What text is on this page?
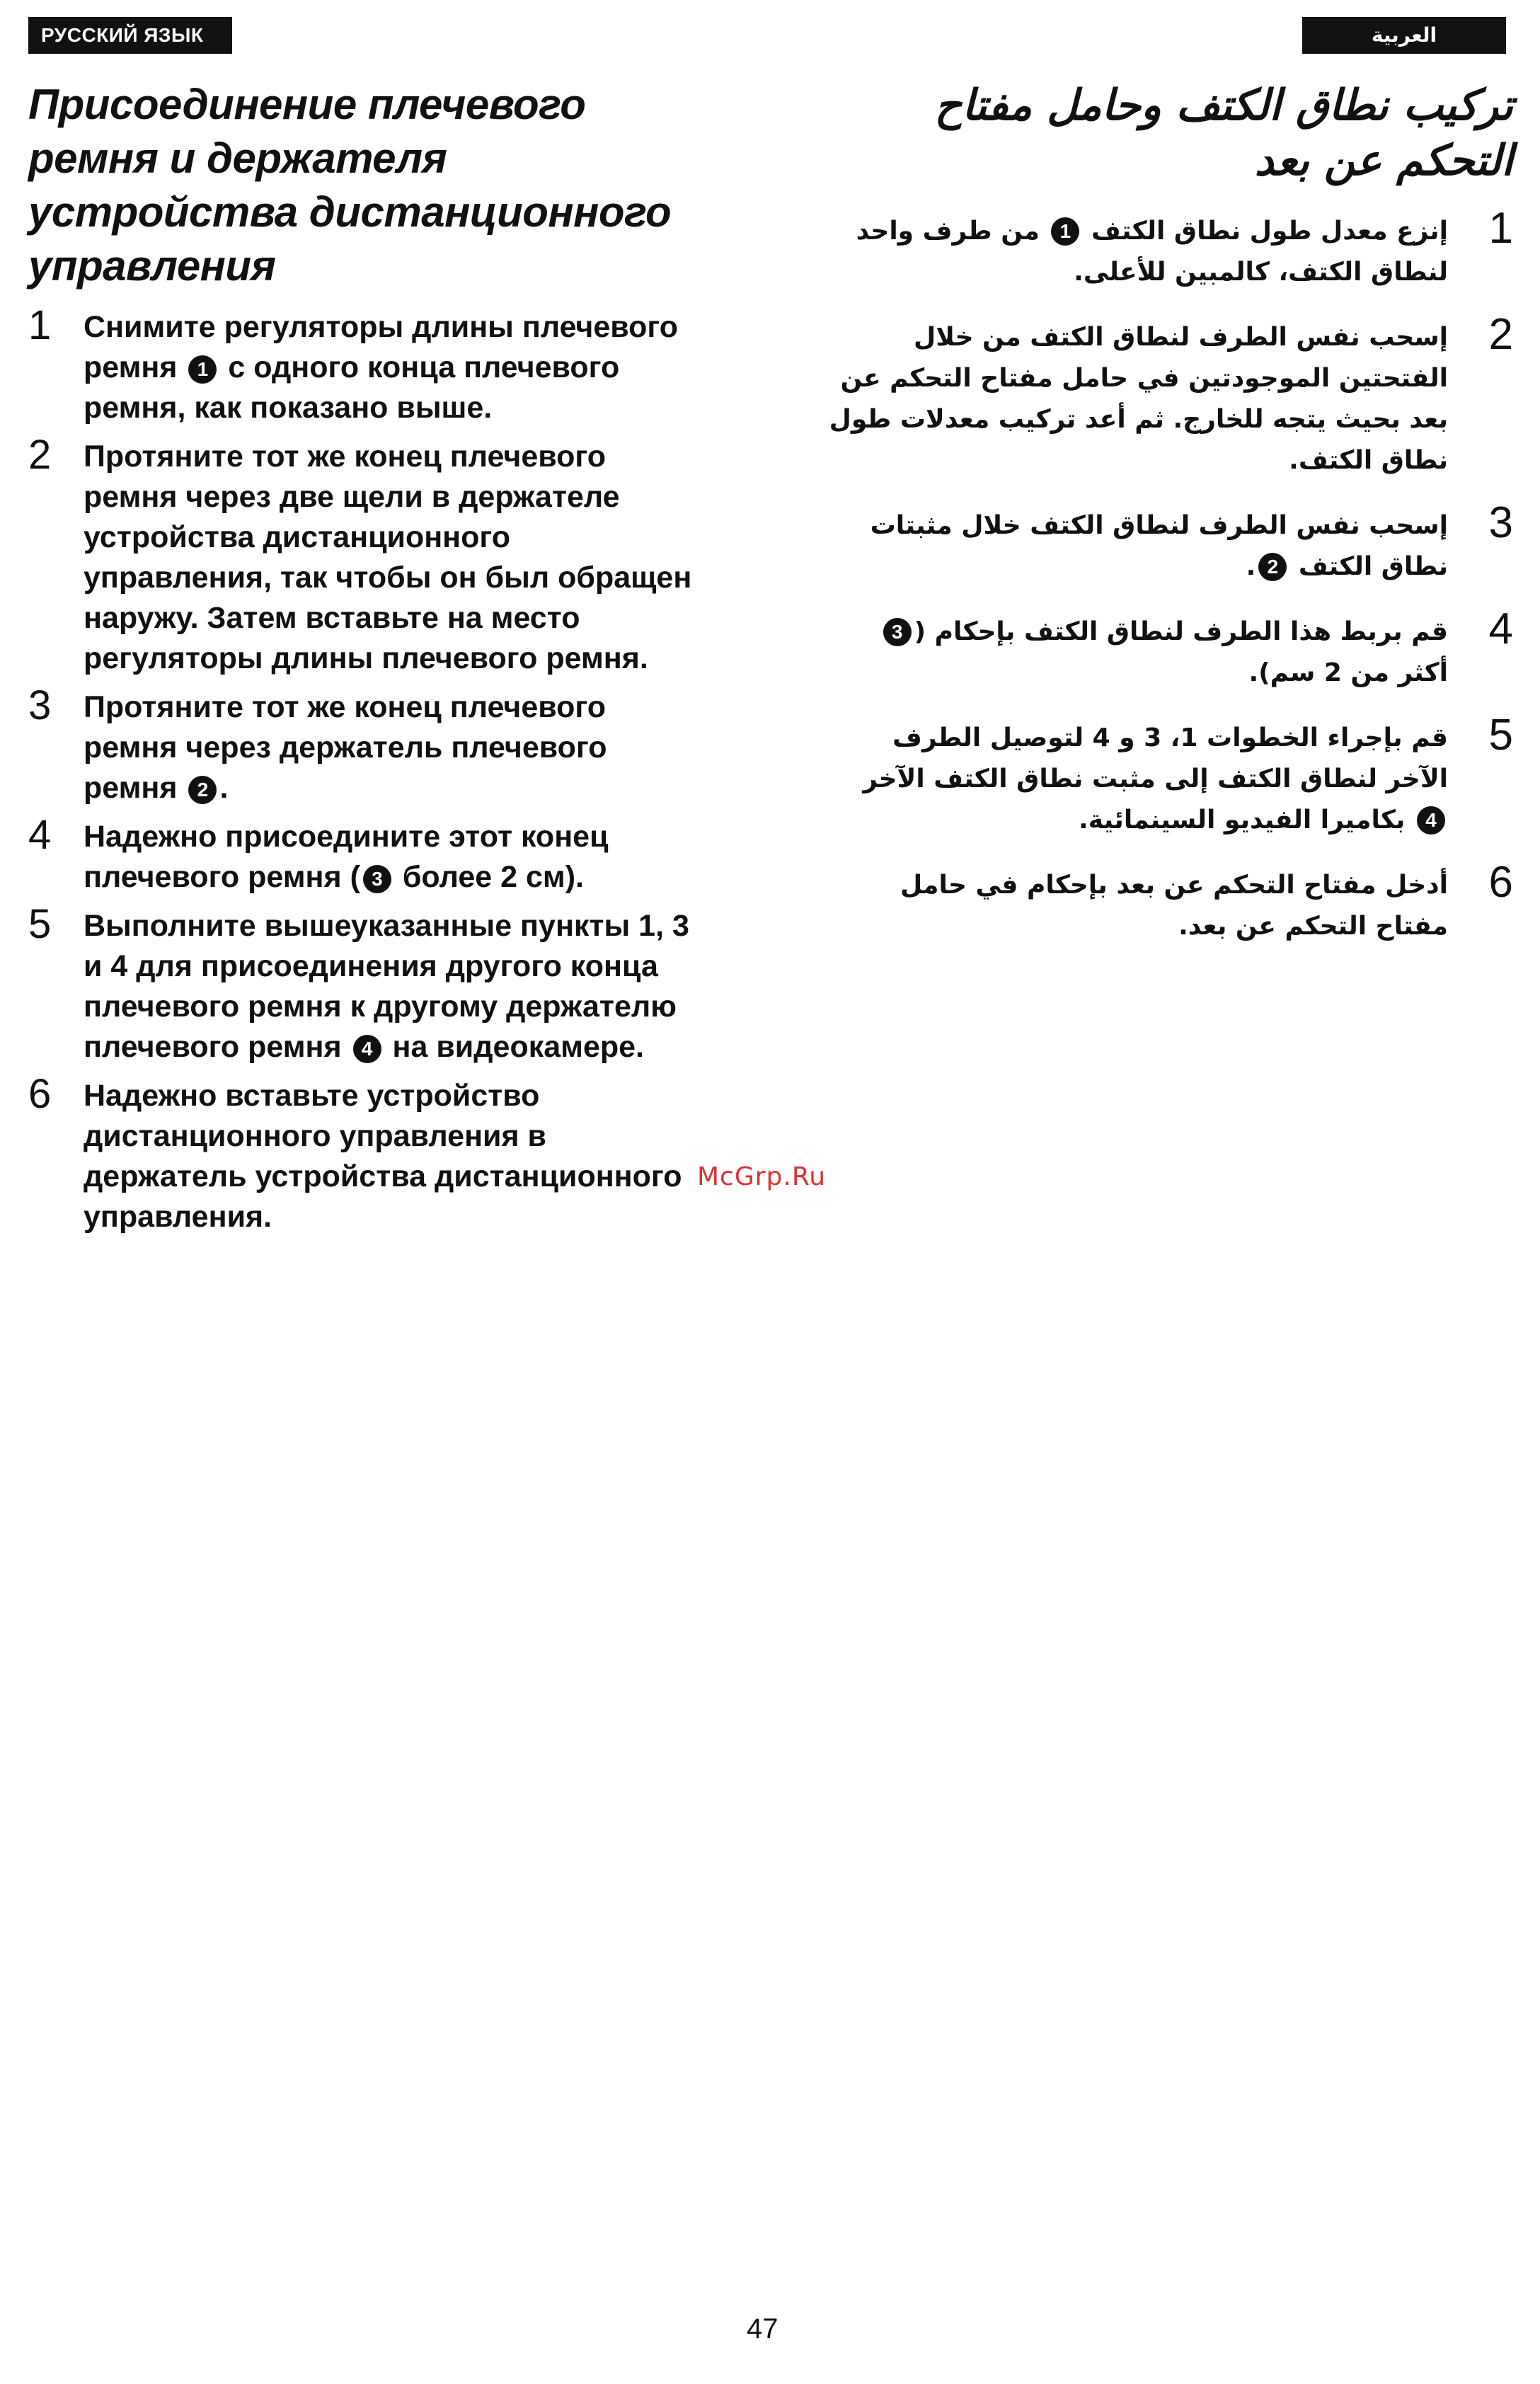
РУССКИЙ ЯЗЫК	العربية
Присоединение плечевого ремня и держателя устройства дистанционного управления
1 Снимите регуляторы длины плечевого ремня 1 с одного конца плечевого ремня, как показано выше.
2 Протяните тот же конец плечевого ремня через две щели в держателе устройства дистанционного управления, так чтобы он был обращен наружу. Затем вставьте на место регуляторы длины плечевого ремня.
3 Протяните тот же конец плечевого ремня через держатель плечевого ремня 2 .
4 Надежно присоедините этот конец плечевого ремня ( 3 более 2 см).
5 Выполните вышеуказанные пункты 1, 3 и 4 для присоединения другого конца плечевого ремня к другому держателю плечевого ремня 4 на видеокамере.
6 Надежно вставьте устройство дистанционного управления в держатель устройства дистанционного управления.
تركيب نطاق الكتف وحامل مفتاح التحكم عن بعد
1
إنزع معدل طول نطاق الكتف 1 من طرف واحد لنطاق الكتف، كالمبين للأعلى.
2
إسحب نفس الطرف لنطاق الكتف من خلال الفتحتين الموجودتين في حامل مفتاح التحكم عن بعد بحيث يتجه للخارج. ثم أعد تركيب معدلات طول نطاق الكتف.
3
إسحب نفس الطرف لنطاق الكتف خلال مثبتات نطاق الكتف 2.
4
قم بربط هذا الطرف لنطاق الكتف بإحكام (3 أكثر من 2 سم).
5
قم بإجراء الخطوات 1، 3 و 4 لتوصيل الطرف الآخر لنطاق الكتف إلى مثبت نطاق الكتف الآخر 4 بكاميرا الفيديو السينمائية.
6
أدخل مفتاح التحكم عن بعد بإحكام في حامل مفتاح التحكم عن بعد.
McGrp.Ru
47
